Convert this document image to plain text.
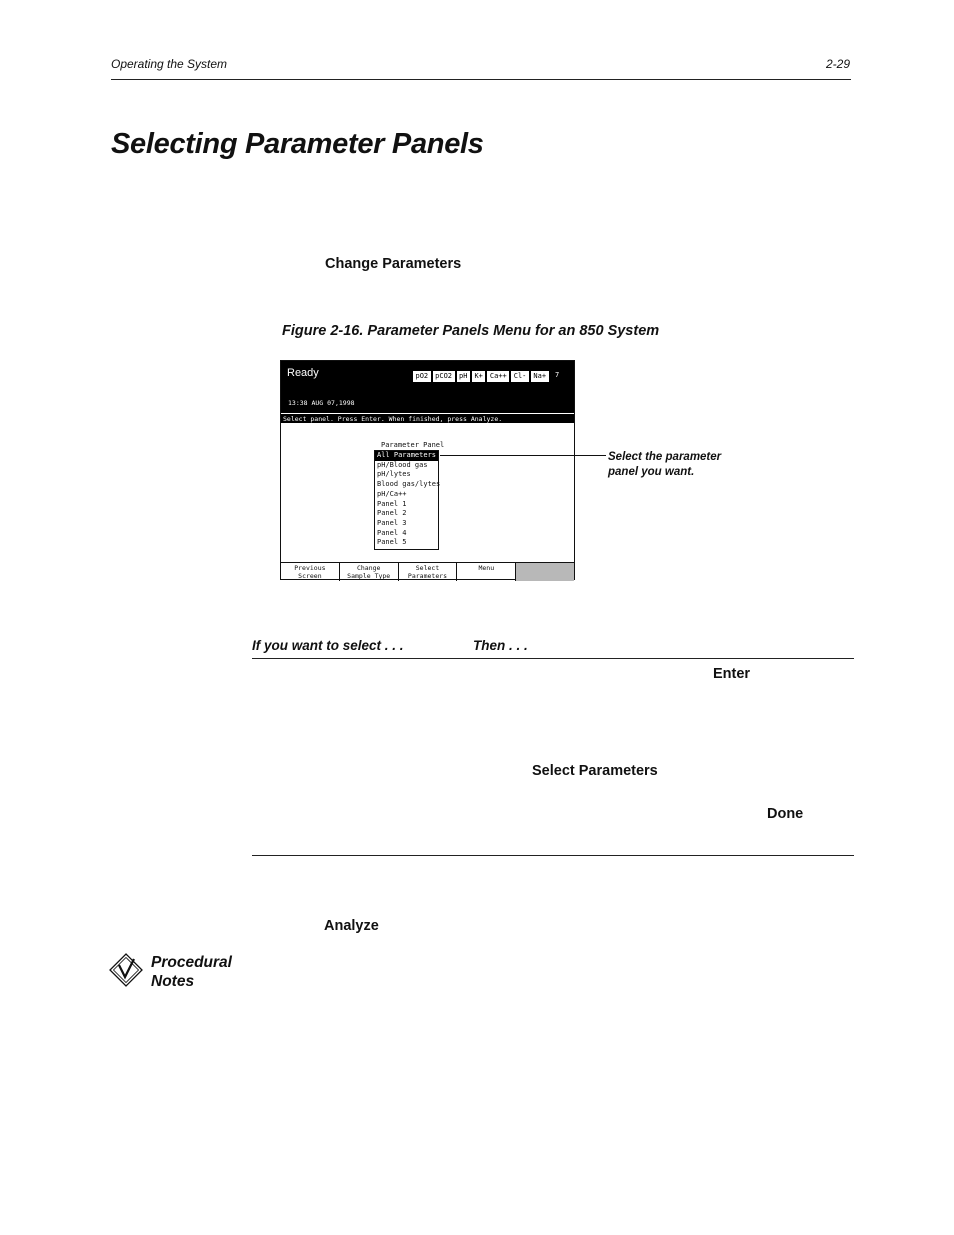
Operating the System	2-29
Selecting Parameter Panels
Change Parameters
Figure 2-16. Parameter Panels Menu for an 850 System
Ready	pO2	pCO2	pH	K+	Ca++	Cl-	Na+	7
13:38 AUG 07,1998
Select panel. Press Enter. When finished, press Analyze.
Parameter Panel
All Parameters
pH/Blood gas
pH/lytes
Blood gas/lytes
pH/Ca++
Panel 1
Panel 2
Panel 3
Panel 4
Panel 5
Previous
Screen
Change
Sample Type
Select
Parameters
Menu
Select the parameter
panel you want.
If you want to select . . .	Then . . .
Enter
Select Parameters
Done
Analyze
Procedural
Notes
